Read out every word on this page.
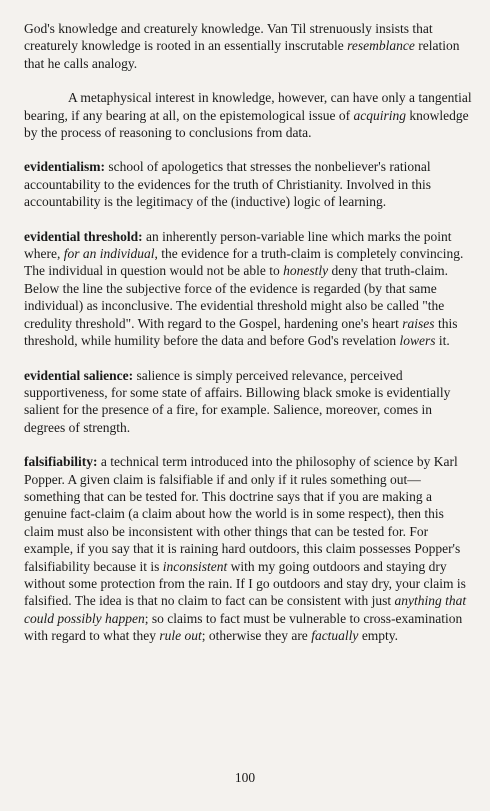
God's knowledge and creaturely knowledge. Van Til strenuously insists that creaturely knowledge is rooted in an essentially inscrutable resemblance relation that he calls analogy.

A metaphysical interest in knowledge, however, can have only a tangential bearing, if any bearing at all, on the epistemological issue of acquiring knowledge by the process of reasoning to conclusions from data.

evidentialism: school of apologetics that stresses the nonbeliever's rational accountability to the evidences for the truth of Christianity. Involved in this accountability is the legitimacy of the (inductive) logic of learning.

evidential threshold: an inherently person-variable line which marks the point where, for an individual, the evidence for a truth-claim is completely convincing. The individual in question would not be able to honestly deny that truth-claim. Below the line the subjective force of the evidence is regarded (by that same individual) as inconclusive. The evidential threshold might also be called "the credulity threshold". With regard to the Gospel, hardening one's heart raises this threshold, while humility before the data and before God's revelation lowers it.

evidential salience: salience is simply perceived relevance, perceived supportiveness, for some state of affairs. Billowing black smoke is evidentially salient for the presence of a fire, for example. Salience, moreover, comes in degrees of strength.

falsifiability: a technical term introduced into the philosophy of science by Karl Popper. A given claim is falsifiable if and only if it rules something out—something that can be tested for. This doctrine says that if you are making a genuine fact-claim (a claim about how the world is in some respect), then this claim must also be inconsistent with other things that can be tested for. For example, if you say that it is raining hard outdoors, this claim possesses Popper's falsifiability because it is inconsistent with my going outdoors and staying dry without some protection from the rain. If I go outdoors and stay dry, your claim is falsified. The idea is that no claim to fact can be consistent with just anything that could possibly happen; so claims to fact must be vulnerable to cross-examination with regard to what they rule out; otherwise they are factually empty.

100
